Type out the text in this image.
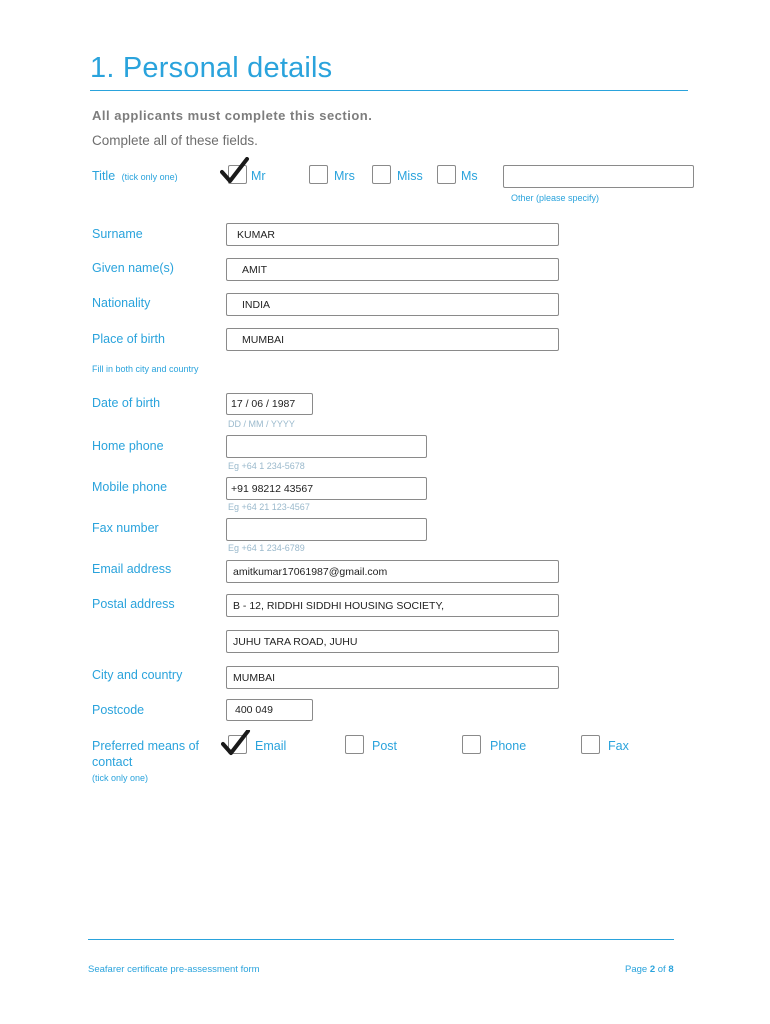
1. Personal details
All applicants must complete this section.
Complete all of these fields.
Title (tick only one)	Mr	Mrs	Miss	Ms
Other (please specify)
Surname	KUMAR
Given name(s)	AMIT
Nationality	INDIA
Place of birth	MUMBAI
Fill in both city and country
Date of birth	17 / 06 / 1987
DD / MM / YYYY
Home phone
Eg +64 1 234-5678
Mobile phone	+91 98212 43567
Eg +64 21 123-4567
Fax number
Eg +64 1 234-6789
Email address	amitkumar17061987@gmail.com
Postal address	B - 12, RIDDHI SIDDHI HOUSING SOCIETY,
JUHU TARA ROAD, JUHU
City and country	MUMBAI
Postcode	400 049
Preferred means of contact
(tick only one)
Email	Post	Phone	Fax
Seafarer certificate pre-assessment form	Page 2 of 8
